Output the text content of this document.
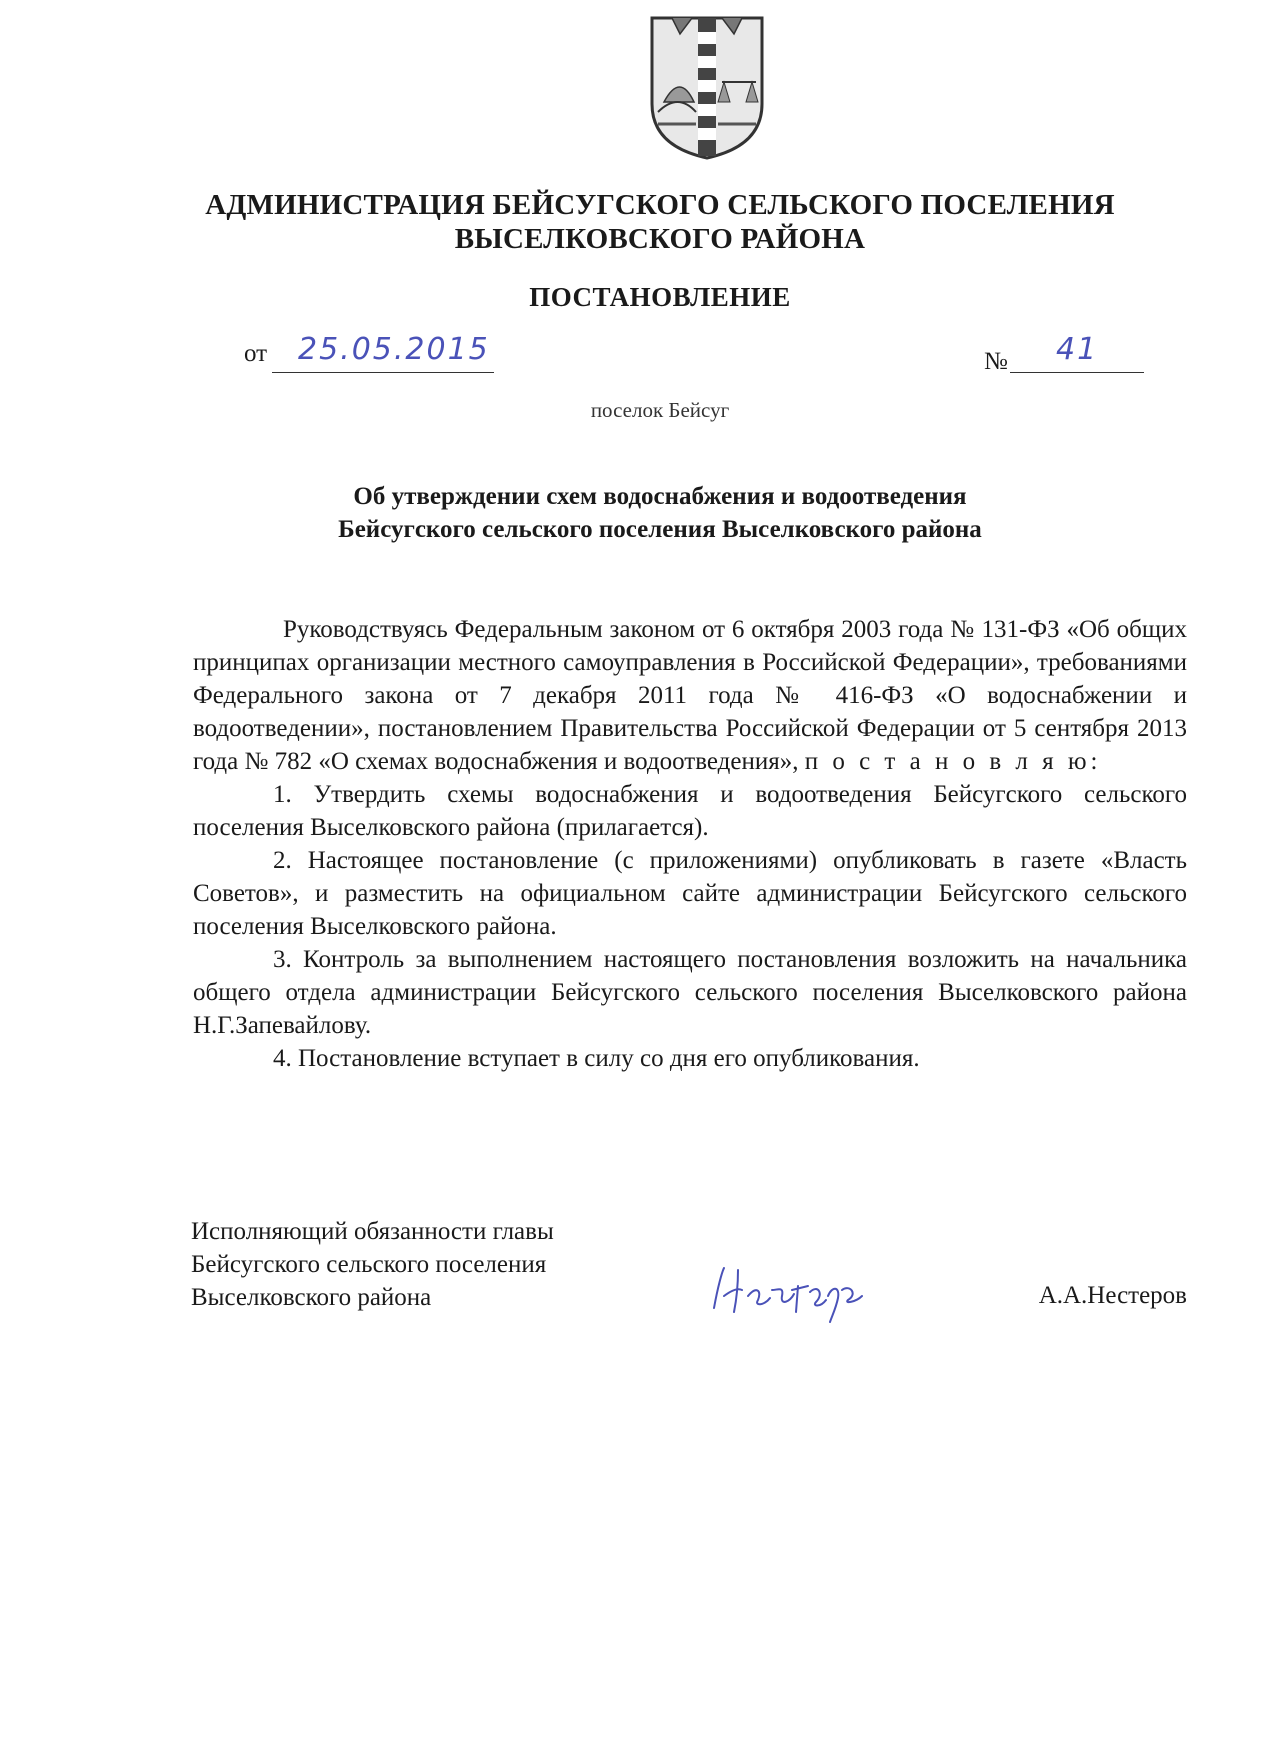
АДМИНИСТРАЦИЯ БЕЙСУГСКОГО СЕЛЬСКОГО ПОСЕЛЕНИЯ
ВЫСЕЛКОВСКОГО РАЙОНА
ПОСТАНОВЛЕНИЕ
от 25.05.2015	№ 41
поселок Бейсуг
Об утверждении схем водоснабжения и водоотведения
Бейсугского сельского поселения Выселковского района

Руководствуясь Федеральным законом от 6 октября 2003 года № 131-ФЗ «Об общих принципах организации местного самоуправления в Российской Федерации», требованиями Федерального закона от 7 декабря 2011 года № 416-ФЗ «О водоснабжении и водоотведении», постановлением Правительства Российской Федерации от 5 сентября 2013 года № 782 «О схемах водоснабжения и водоотведения», п о с т а н о в л я ю:

1. Утвердить схемы водоснабжения и водоотведения Бейсугского сельского поселения Выселковского района (прилагается).

2. Настоящее постановление (с приложениями) опубликовать в газете «Власть Советов», и разместить на официальном сайте администрации Бейсугского сельского поселения Выселковского района.

3. Контроль за выполнением настоящего постановления возложить на начальника общего отдела администрации Бейсугского сельского поселения Выселковского района Н.Г.Запевайлову.

4. Постановление вступает в силу со дня его опубликования.

Исполняющий обязанности главы
Бейсугского сельского поселения
Выселковского района
Нестеров
А.А.Нестеров
